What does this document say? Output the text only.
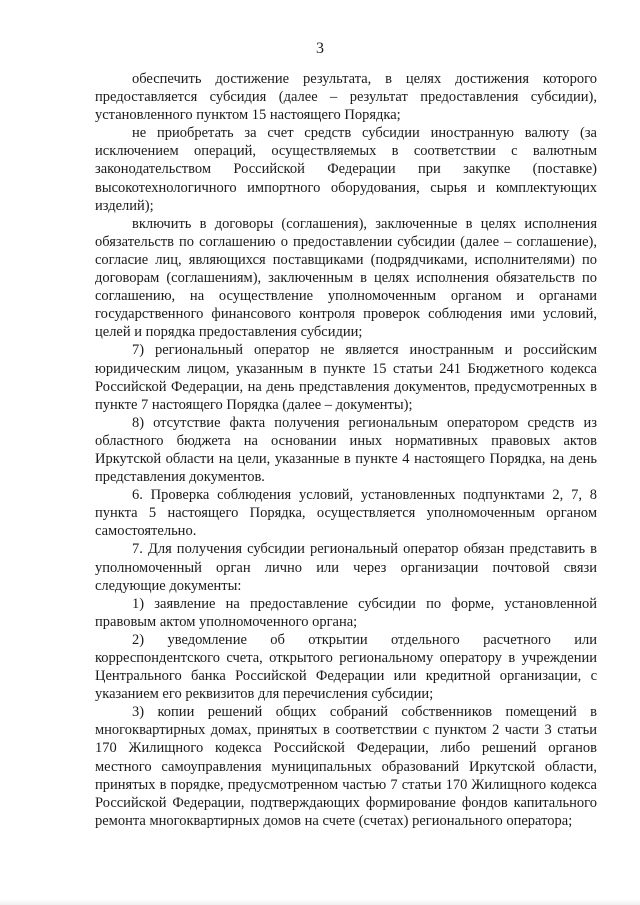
3

обеспечить достижение результата, в целях достижения которого предоставляется субсидия (далее – результат предоставления субсидии), установленного пунктом 15 настоящего Порядка;

не приобретать за счет средств субсидии иностранную валюту (за исключением операций, осуществляемых в соответствии с валютным законодательством Российской Федерации при закупке (поставке) высокотехнологичного импортного оборудования, сырья и комплектующих изделий);

включить в договоры (соглашения), заключенные в целях исполнения обязательств по соглашению о предоставлении субсидии (далее – соглашение), согласие лиц, являющихся поставщиками (подрядчиками, исполнителями) по договорам (соглашениям), заключенным в целях исполнения обязательств по соглашению, на осуществление уполномоченным органом и органами государственного финансового контроля проверок соблюдения ими условий, целей и порядка предоставления субсидии;

7) региональный оператор не является иностранным и российским юридическим лицом, указанным в пункте 15 статьи 241 Бюджетного кодекса Российской Федерации, на день представления документов, предусмотренных в пункте 7 настоящего Порядка (далее – документы);

8) отсутствие факта получения региональным оператором средств из областного бюджета на основании иных нормативных правовых актов Иркутской области на цели, указанные в пункте 4 настоящего Порядка, на день представления документов.

6. Проверка соблюдения условий, установленных подпунктами 2, 7, 8 пункта 5 настоящего Порядка, осуществляется уполномоченным органом самостоятельно.

7. Для получения субсидии региональный оператор обязан представить в уполномоченный орган лично или через организации почтовой связи следующие документы:

1) заявление на предоставление субсидии по форме, установленной правовым актом уполномоченного органа;

2) уведомление об открытии отдельного расчетного или корреспондентского счета, открытого региональному оператору в учреждении Центрального банка Российской Федерации или кредитной организации, с указанием его реквизитов для перечисления субсидии;

3) копии решений общих собраний собственников помещений в многоквартирных домах, принятых в соответствии с пунктом 2 части 3 статьи 170 Жилищного кодекса Российской Федерации, либо решений органов местного самоуправления муниципальных образований Иркутской области, принятых в порядке, предусмотренном частью 7 статьи 170 Жилищного кодекса Российской Федерации, подтверждающих формирование фондов капитального ремонта многоквартирных домов на счете (счетах) регионального оператора;
